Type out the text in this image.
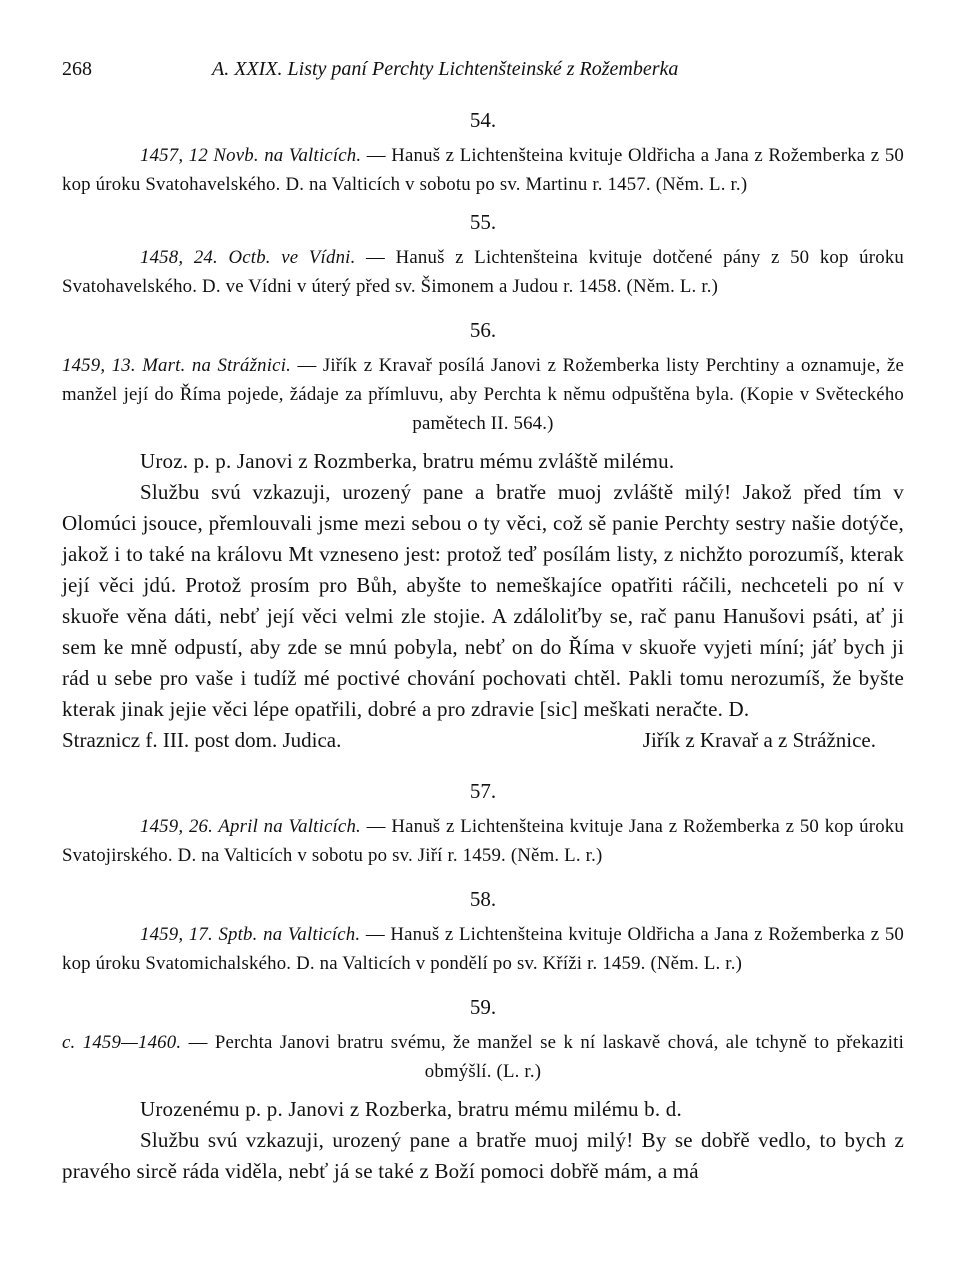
268	A. XXIX. Listy paní Perchty Lichtenšteinské z Rožemberka
54.

1457, 12 Novb. na Valticích. — Hanuš z Lichtenšteina kvituje Oldřicha a Jana z Rožemberka z 50 kop úroku Svatohavelského. D. na Valticích v sobotu po sv. Martinu r. 1457. (Něm. L. r.)

55.

1458, 24. Octb. ve Vídni. — Hanuš z Lichtenšteina kvituje dotčené pány z 50 kop úroku Svatohavelského. D. ve Vídni v úterý před sv. Šimonem a Judou r. 1458. (Něm. L. r.)

56.

1459, 13. Mart. na Strážnici. — Jiřík z Kravař posílá Janovi z Rožemberka listy Perchtiny a oznamuje, že manžel její do Říma pojede, žádaje za přímluvu, aby Perchta k němu odpuštěna byla. (Kopie v Světeckého pamětech II. 564.)

Uroz. p. p. Janovi z Rozmberka, bratru mému zvláště milému.

Službu svú vzkazuji, urozený pane a bratře muoj zvláště milý! Jakož před tím v Olomúci jsouce, přemlouvali jsme mezi sebou o ty věci, což sě panie Perchty sestry našie dotýče, jakož i to také na královu Mt vzneseno jest: protož teď posílám listy, z nichžto porozumíš, kterak její věci jdú. Protož prosím pro Bůh, abyšte to nemeškajíce opatřiti ráčili, nechceteli po ní v skuoře věna dáti, nebť její věci velmi zle stojie. A zdáloliťby se, rač panu Hanušovi psáti, ať ji sem ke mně odpustí, aby zde se mnú pobyla, nebť on do Říma v skuoře vyjeti míní; jáť bych ji rád u sebe pro vaše i tudíž mé poctivé chování pochovati chtěl. Pakli tomu nerozumíš, že byšte kterak jinak jejie věci lépe opatřili, dobré a pro zdravie [sic] meškati neračte. D.

Straznicz f. III. post dom. Judica.	Jiřík z Kravař a z Strážnice.
57.

1459, 26. April na Valticích. — Hanuš z Lichtenšteina kvituje Jana z Rožemberka z 50 kop úroku Svatojirského. D. na Valticích v sobotu po sv. Jiří r. 1459. (Něm. L. r.)

58.

1459, 17. Sptb. na Valticích. — Hanuš z Lichtenšteina kvituje Oldřicha a Jana z Rožemberka z 50 kop úroku Svatomichalského. D. na Valticích v pondělí po sv. Kříži r. 1459. (Něm. L. r.)

59.

c. 1459—1460. — Perchta Janovi bratru svému, že manžel se k ní laskavě chová, ale tchyně to překaziti obmýšlí. (L. r.)

Urozenému p. p. Janovi z Rozberka, bratru mému milému b. d.

Službu svú vzkazuji, urozený pane a bratře muoj milý! By se dobřě vedlo, to bych z pravého sircě ráda viděla, nebť já se také z Boží pomoci dobřě mám, a má
